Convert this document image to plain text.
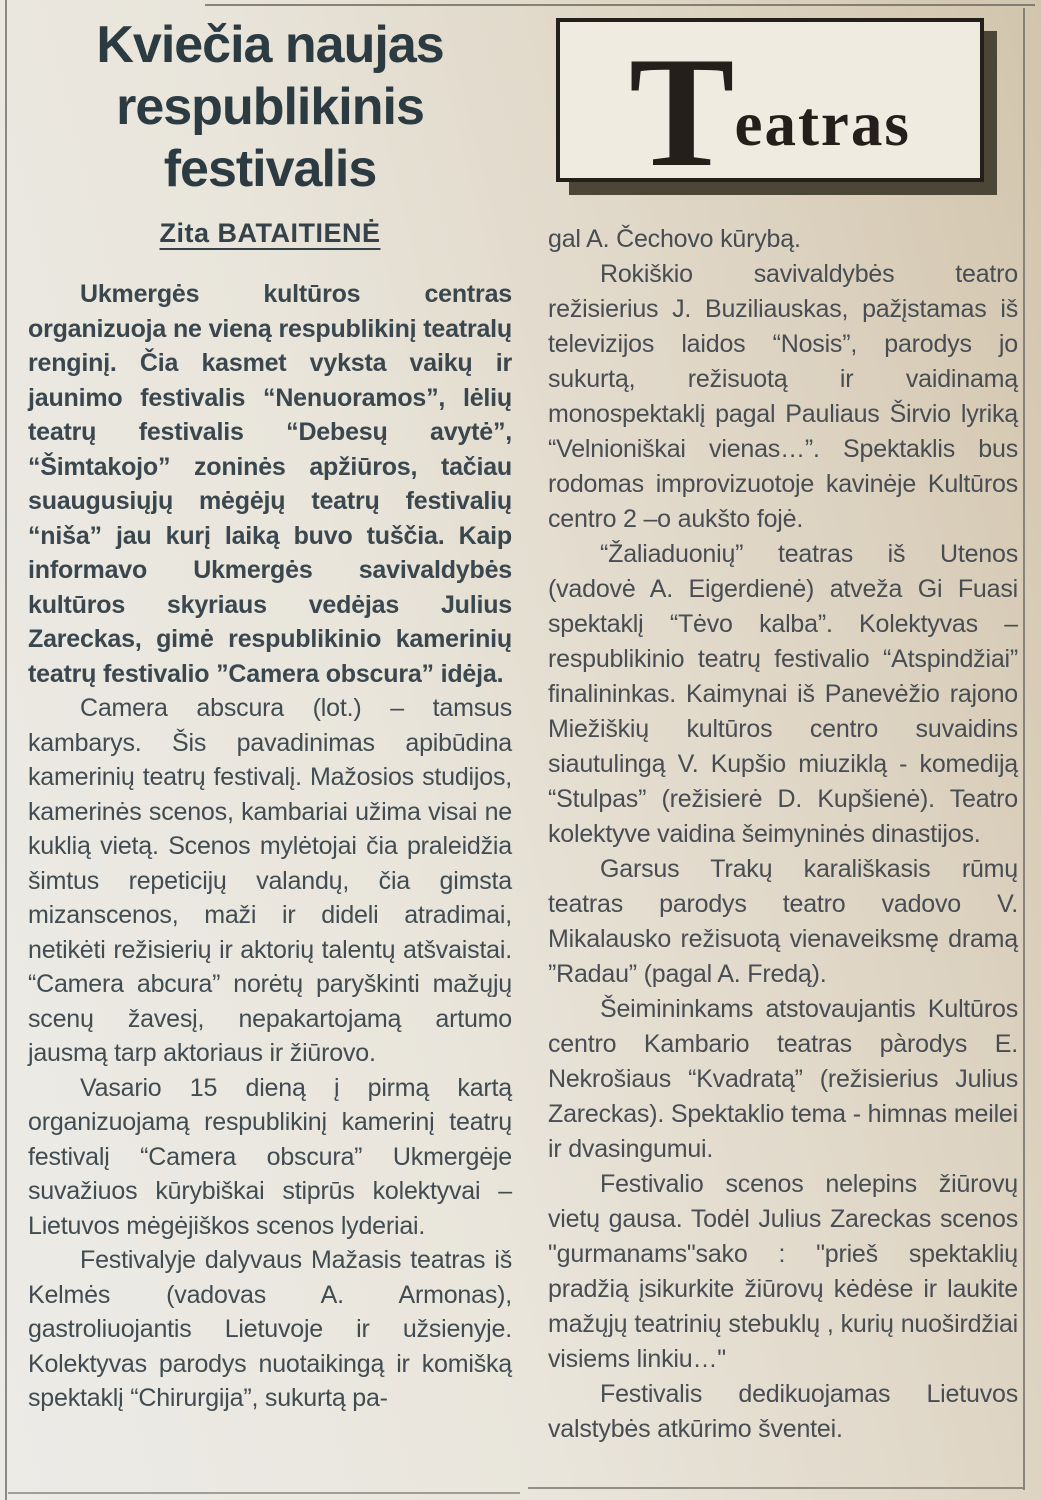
Kviečia naujas respublikinis festivalis
Zita BATAITIENĖ

Ukmergės kultūros centras organizuoja ne vieną respublikinį teatralų renginį. Čia kasmet vyksta vaikų ir jaunimo festivalis “Nenuoramos”, lėlių teatrų festivalis “Debesų avytė”, “Šimtakojo” zoninės apžiūros, tačiau suaugusiųjų mėgėjų teatrų festivalių “niša” jau kurį laiką buvo tuščia. Kaip informavo Ukmergės savivaldybės kultūros skyriaus vedėjas Julius Zareckas, gimė respublikinio kamerinių teatrų festivalio ”Camera obscura” idėja.

Camera abscura (lot.) – tamsus kambarys. Šis pavadinimas apibūdina kamerinių teatrų festivalį. Mažosios studijos, kamerinės scenos, kambariai užima visai ne kuklią vietą. Scenos mylėtojai čia praleidžia šimtus repeticijų valandų, čia gimsta mizanscenos, maži ir dideli atradimai, netikėti režisierių ir aktorių talentų atšvaistai. “Camera abcura” norėtų paryškinti mažųjų scenų žavesį, nepakartojamą artumo jausmą tarp aktoriaus ir žiūrovo.

Vasario 15 dieną į pirmą kartą organizuojamą respublikinį kamerinį teatrų festivalį “Camera obscura” Ukmergėje suvažiuos kūrybiškai stiprūs kolektyvai – Lietuvos mėgėjiškos scenos lyderiai.

Festivalyje dalyvaus Mažasis teatras iš Kelmės (vadovas A. Armonas), gastroliuojantis Lietuvoje ir užsienyje. Kolektyvas parodys nuotaikingą ir komišką spektaklį “Chirurgija”, sukurtą pa-

T eatras

gal A. Čechovo kūrybą.

Rokiškio savivaldybės teatro režisierius J. Buziliauskas, pažįstamas iš televizijos laidos “Nosis”, parodys jo sukurtą, režisuotą ir vaidinamą monospektaklį pagal Pauliaus Širvio lyriką “Velnioniškai vienas…”. Spektaklis bus rodomas improvizuotoje kavinėje Kultūros centro 2 –o aukšto fojė.

“Žaliaduonių” teatras iš Utenos (vadovė A. Eigerdienė) atveža Gi Fuasi spektaklį “Tėvo kalba”. Kolektyvas – respublikinio teatrų festivalio “Atspindžiai” finalininkas. Kaimynai iš Panevėžio rajono Miežiškių kultūros centro suvaidins siautulingą V. Kupšio miuziklą - komediją “Stulpas” (režisierė D. Kupšienė). Teatro kolektyve vaidina šeimyninės dinastijos.

Garsus Trakų karališkasis rūmų teatras parodys teatro vadovo V. Mikalausko režisuotą vienaveiksmę dramą ”Radau” (pagal A. Fredą).

Šeimininkams atstovaujantis Kultūros centro Kambario teatras pàrodys E. Nekrošiaus “Kvadratą” (režisierius Julius Zareckas). Spektaklio tema - himnas meilei ir dvasingumui.

Festivalio scenos nelepins žiūrovų vietų gausa. Todėl Julius Zareckas scenos "gurmanams"sako : "prieš spektaklių pradžią įsikurkite žiūrovų kėdėse ir laukite mažųjų teatrinių stebuklų , kurių nuoširdžiai visiems linkiu…"

Festivalis dedikuojamas Lietuvos valstybės atkūrimo šventei.
